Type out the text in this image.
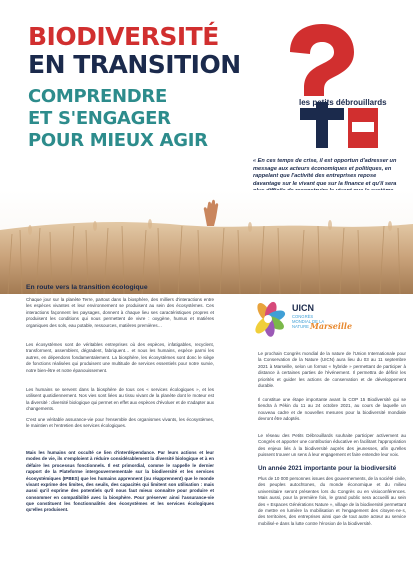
BIODIVERSITÉ
EN TRANSITION
COMPRENDRE
ET S'ENGAGER
POUR MIEUX AGIR
les petits débrouillards

« En ces temps de crise, il est opportun d'adresser un message aux acteurs économiques et politiques, en rappelant que l'activité des entreprises repose davantage sur le vivant que sur la finance et qu'il sera

En route vers la transition écologique

Chaque jour sur la planète Terre, partout dans la biosphère, des milliers d'interactions entre les espèces vivantes et leur environnement se produisent au sein des écosystèmes. Ces interactions façonnent les paysages, donnent à chaque lieu ses caractéristiques propres et produisent les conditions qui nous permettent de vivre : oxygène, humus et matières organiques des sols, eau potable, ressources, matières premières…

Les écosystèmes sont de véritables entreprises où des espèces, infatigables, recyclent, transforment, assemblent, dégradent, fabriquent… et nous les humains, espèce parmi les autres, en dépendons fondamentalement. La biosphère, les écosystèmes sont donc le siège de fonctions réalisées qui produisent une multitude de services essentiels pour notre survie, notre bien-être et notre épanouissement.

Les humains se servent dans la biosphère de tous ces « services écologiques », et les utilisent quotidiennement. Nos vies sont liées au tissu vivant de la planète dont le moteur est la diversité : diversité biologique qui permet en effet aux espèces d'évoluer et de s'adapter aux changements.

C'est une véritable assurance-vie pour l'ensemble des organismes vivants, les écosystèmes, le maintien et l'entretien des services écologiques.

Mais les humains ont occulté ce lien d'interdépendance. Par leurs actions et leur modes de vie, ils s'emploient à réduire considérablement la diversité biologique et à en défaire les processus fonctionnels. Il est primordial, comme le rappelle le dernier rapport de la Plateforme intergouvernementale sur la biodiversité et les services écosystémiques (IPBES) que les humains apprennent (ou réapprennent) que le monde vivant exprime des limites, des seuils, des capacités qui limitent son utilisation : mais aussi qu'il exprime des potentiels qu'il nous faut mieux connaître pour produire et consommer en compatibilité avec la biosphère. Pour préserver ainsi l'assurance-vie que constituent les fonctionnalités des écosystèmes et les services écologiques qu'elles produisent.

UICN
CONGRÈS
MONDIAL DE LA
NATURE Marseille

Le prochain Congrès mondial de la nature de l'Union Internationale pour la Conservation de la Nature (UICN) aura lieu du 03 au 11 septembre 2021 à Marseille, selon un format « hybride » permettant de participer à distance à certaines parties de l'événement. Il permettra de définir les priorités et guider les actions de conservation et de développement durable.

Il constitue une étape importante avant la COP 15 Biodiversité qui se tiendra à Pékin du 11 au 24 octobre 2021, au cours de laquelle un nouveau cadre et de nouvelles mesures pour la biodiversité mondiale devront être adoptés.

Le réseau des Petits Débrouillards souhaite participer activement au Congrès et apporter une contribution éducative en facilitant l'appropriation des enjeux liés à la biodiversité auprès des jeunesses, afin qu'elles puissent trouver un sens à leur engagement et faire entendre leur voix.

Un année 2021 importante pour la biodiversité

Plus de 10 000 personnes issues des gouvernements, de la société civile, des peuples autochtones, du monde économique et du milieu universitaire seront présentes lors du Congrès ou en visioconférences. Mais aussi, pour la première fois, le grand public sera accueilli au sein des « Espaces Générations Nature », village de la biodiversité permettant de mettre en lumière la mobilisation et l'engagement des citoyen·ne·s, des territoires, des entreprises ainsi que de tout autre acteur au service mobilisé·e dans la lutte contre l'érosion de la biodiversité.
